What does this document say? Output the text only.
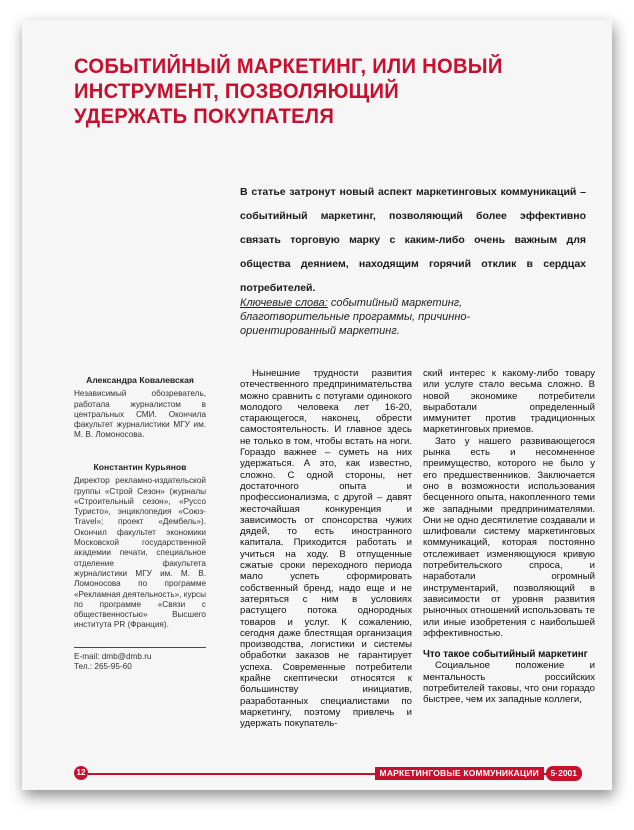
СОБЫТИЙНЫЙ МАРКЕТИНГ, ИЛИ НОВЫЙ
ИНСТРУМЕНТ, ПОЗВОЛЯЮЩИЙ
УДЕРЖАТЬ ПОКУПАТЕЛЯ
В статье затронут новый аспект маркетинговых коммуникаций – событийный маркетинг, позволяющий более эффективно связать торговую марку с каким-либо очень важным для общества деянием, находящим горячий отклик в сердцах потребителей.
Ключевые слова: событийный маркетинг, благотворительные программы, причинно-ориентированный маркетинг.
Александра Ковалевская
Независимый обозреватель, работала журналистом в центральных СМИ. Окончила факультет журналистики МГУ им. М. В. Ломоносова.
Константин Курьянов
Директор рекламно-издательской группы «Строй Сезон» (журналы «Строительный сезон», «Руссо Туристо», энциклопедия «Союз-Travel»; проект «Дембель»). Окончил факультет экономики Московской государственной академии печати, специальное отделение факультета журналистики МГУ им. М. В. Ломоносова по программе «Рекламная деятельность», курсы по программе «Связи с общественностью» Высшего института PR (Франция).
E-mail: dmb@dmb.ru
Тел.: 265-95-60

Нынешние трудности развития отечественного предпринимательства можно сравнить с потугами одинокого молодого человека лет 16-20, старающегося, наконец, обрести самостоятельность. И главное здесь не только в том, чтобы встать на ноги. Гораздо важнее – суметь на них удержаться. А это, как известно, сложно. С одной стороны, нет достаточного опыта и профессионализма, с другой – давят жесточайшая конкуренция и зависимость от спонсорства чужих дядей, то есть иностранного капитала. Приходится работать и учиться на ходу. В отпущенные сжатые сроки переходного периода мало успеть сформировать собственный бренд, надо еще и не затеряться с ним в условиях растущего потока однородных товаров и услуг. К сожалению, сегодня даже блестящая организация производства, логистики и системы обработки заказов не гарантирует успеха. Современные потребители крайне скептически относятся к большинству инициатив, разработанных специалистами по маркетингу, поэтому привлечь и удержать покупатель-

ский интерес к какому-либо товару или услуге стало весьма сложно. В новой экономике потребители выработали определенный иммунитет против традиционных маркетинговых приемов.

Зато у нашего развивающегося рынка есть и несомненное преимущество, которого не было у его предшественников. Заключается оно в возможности использования бесценного опыта, накопленного теми же западными предпринимателями. Они не одно десятилетие создавали и шлифовали систему маркетинговых коммуникаций, которая постоянно отслеживает изменяющуюся кривую потребительского спроса, и наработали огромный инструментарий, позволяющий в зависимости от уровня развития рыночных отношений использовать те или иные изобретения с наибольшей эффективностью.

Что такое событийный маркетинг

Социальное положение и ментальность российских потребителей таковы, что они гораздо быстрее, чем их западные коллеги,

12	МАРКЕТИНГОВЫЕ КОММУНИКАЦИИ	5·2001
